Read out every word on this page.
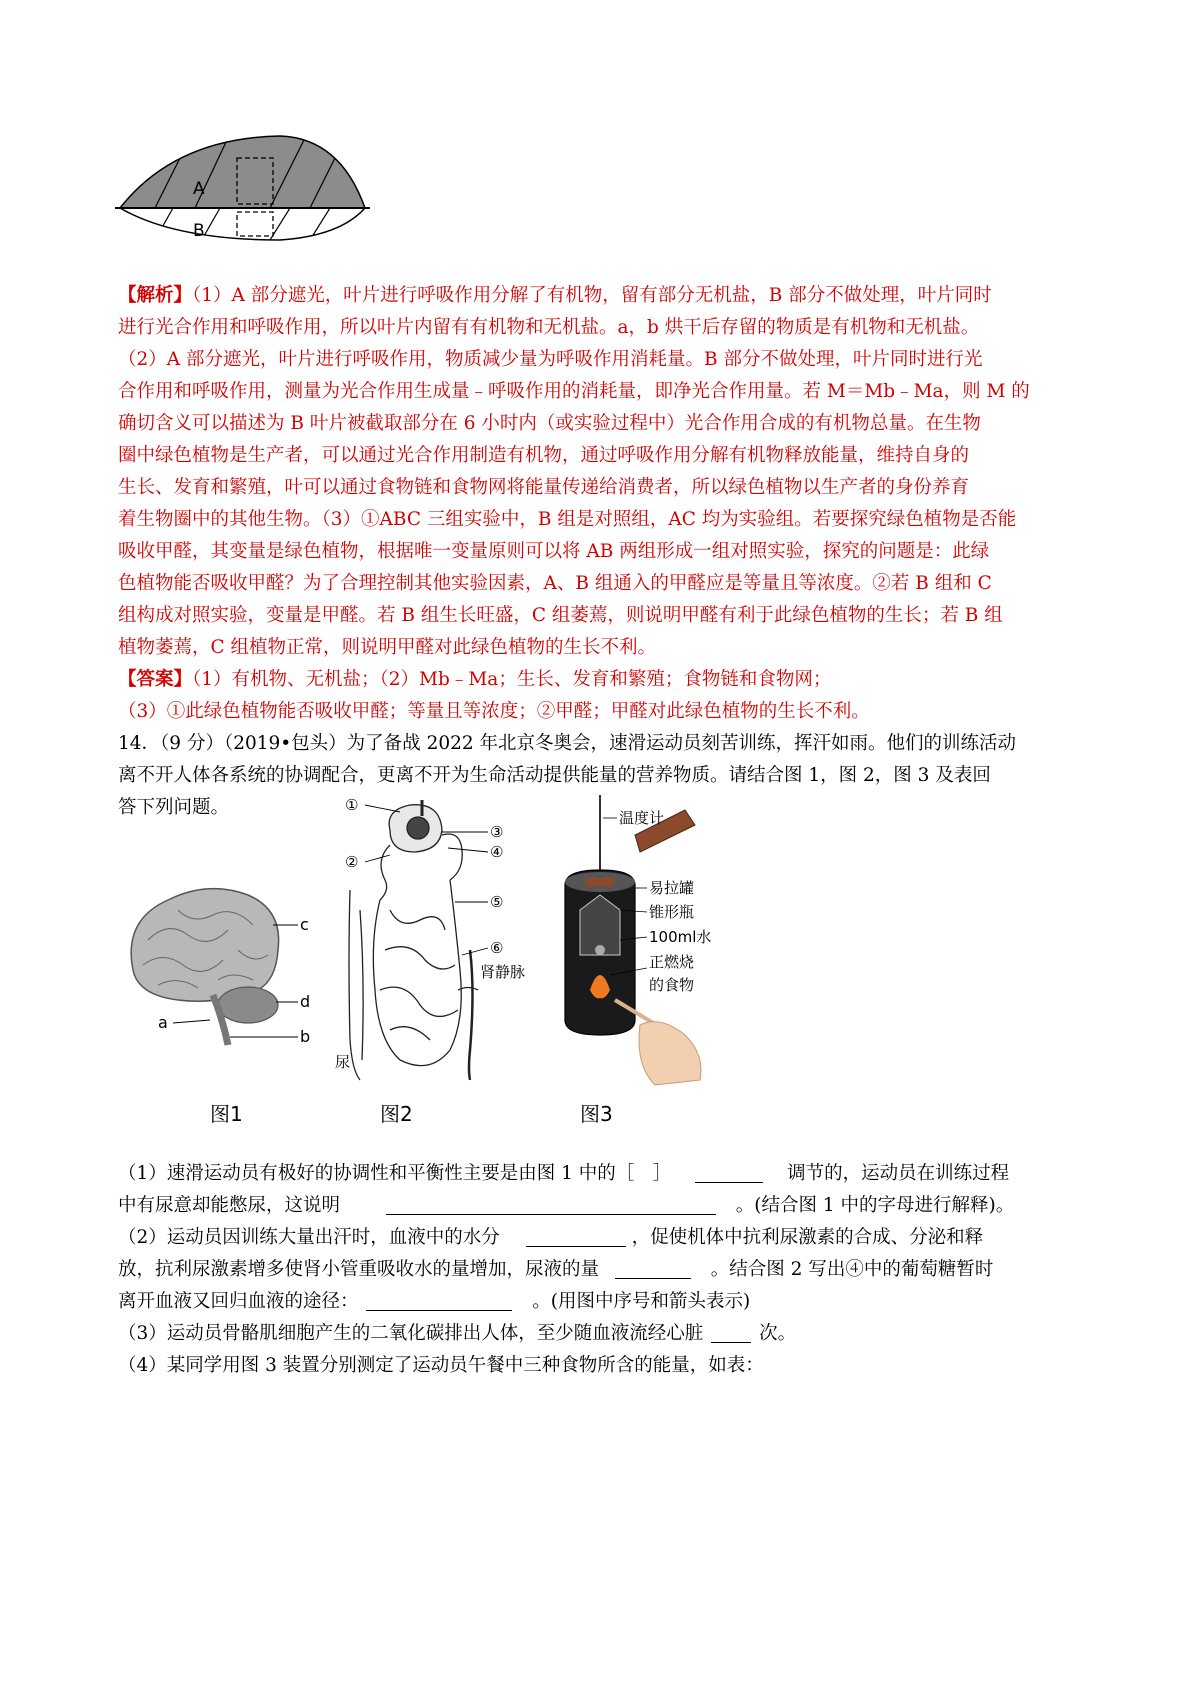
A
B
【解析】（1）A 部分遮光，叶片进行呼吸作用分解了有机物，留有部分无机盐，B 部分不做处理，叶片同时
进行光合作用和呼吸作用，所以叶片内留有有机物和无机盐。a，b 烘干后存留的物质是有机物和无机盐。
（2）A 部分遮光，叶片进行呼吸作用，物质减少量为呼吸作用消耗量。B 部分不做处理，叶片同时进行光
合作用和呼吸作用，测量为光合作用生成量﹣呼吸作用的消耗量，即净光合作用量。若 M＝Mb﹣Ma，则 M 的
确切含义可以描述为 B 叶片被截取部分在 6 小时内（或实验过程中）光合作用合成的有机物总量。在生物
圈中绿色植物是生产者，可以通过光合作用制造有机物，通过呼吸作用分解有机物释放能量，维持自身的
生长、发育和繁殖，叶可以通过食物链和食物网将能量传递给消费者，所以绿色植物以生产者的身份养育
着生物圈中的其他生物。（3）①ABC 三组实验中，B 组是对照组，AC 均为实验组。若要探究绿色植物是否能
吸收甲醛，其变量是绿色植物，根据唯一变量原则可以将 AB 两组形成一组对照实验，探究的问题是：此绿
色植物能否吸收甲醛？为了合理控制其他实验因素，A、B 组通入的甲醛应是等量且等浓度。②若 B 组和 C
组构成对照实验，变量是甲醛。若 B 组生长旺盛，C 组萎蔫，则说明甲醛有利于此绿色植物的生长；若 B 组
植物萎蔫，C 组植物正常，则说明甲醛对此绿色植物的生长不利。
【答案】（1）有机物、无机盐；（2）Mb﹣Ma；生长、发育和繁殖；食物链和食物网；
（3）①此绿色植物能否吸收甲醛；等量且等浓度；②甲醛；甲醛对此绿色植物的生长不利。
14．（9 分）（2019•包头）为了备战 2022 年北京冬奥会，速滑运动员刻苦训练，挥汗如雨。他们的训练活动
离不开人体各系统的协调配合，更离不开为生命活动提供能量的营养物质。请结合图 1，图 2，图 3 及表回
答下列问题。
c
d
a
b
图1
①
②
③
④
⑤
⑥
肾静脉
尿
图2
温度计
易拉罐
锥形瓶
100ml水
正燃烧
的食物
图3
（1）速滑运动员有极好的协调性和平衡性主要是由图 1 中的［　］	调节的，运动员在训练过程
中有尿意却能憋尿，这说明	。(结合图 1 中的字母进行解释)。
（2）运动员因训练大量出汗时，血液中的水分	，促使机体中抗利尿激素的合成、分泌和释
放，抗利尿激素增多使肾小管重吸收水的量增加，尿液的量	。结合图 2 写出④中的葡萄糖暂时
离开血液又回归血液的途径：	。(用图中序号和箭头表示)
（3）运动员骨骼肌细胞产生的二氧化碳排出人体，至少随血液流经心脏	次。
（4）某同学用图 3 装置分别测定了运动员午餐中三种食物所含的能量，如表：
